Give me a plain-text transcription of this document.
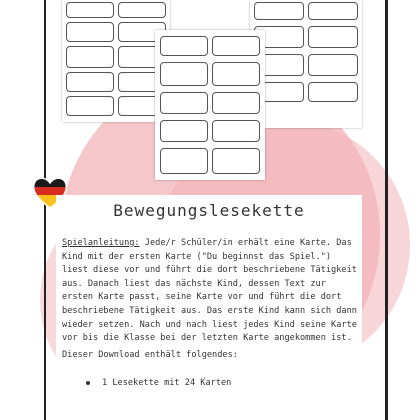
Bewegungslesekette
Spielanleitung: Jede/r Schüler/in erhält eine Karte. Das Kind mit der ersten Karte ("Du beginnst das Spiel.") liest diese vor und führt die dort beschriebene Tätigkeit aus. Danach liest das nächste Kind, dessen Text zur ersten Karte passt, seine Karte vor und führt die dort beschriebene Tätigkeit aus. Das erste Kind kann sich dann wieder setzen. Nach und nach liest jedes Kind seine Karte vor bis die Klasse bei der letzten Karte angekommen ist.
Dieser Download enthält folgendes:
1 Lesekette mit 24 Karten
